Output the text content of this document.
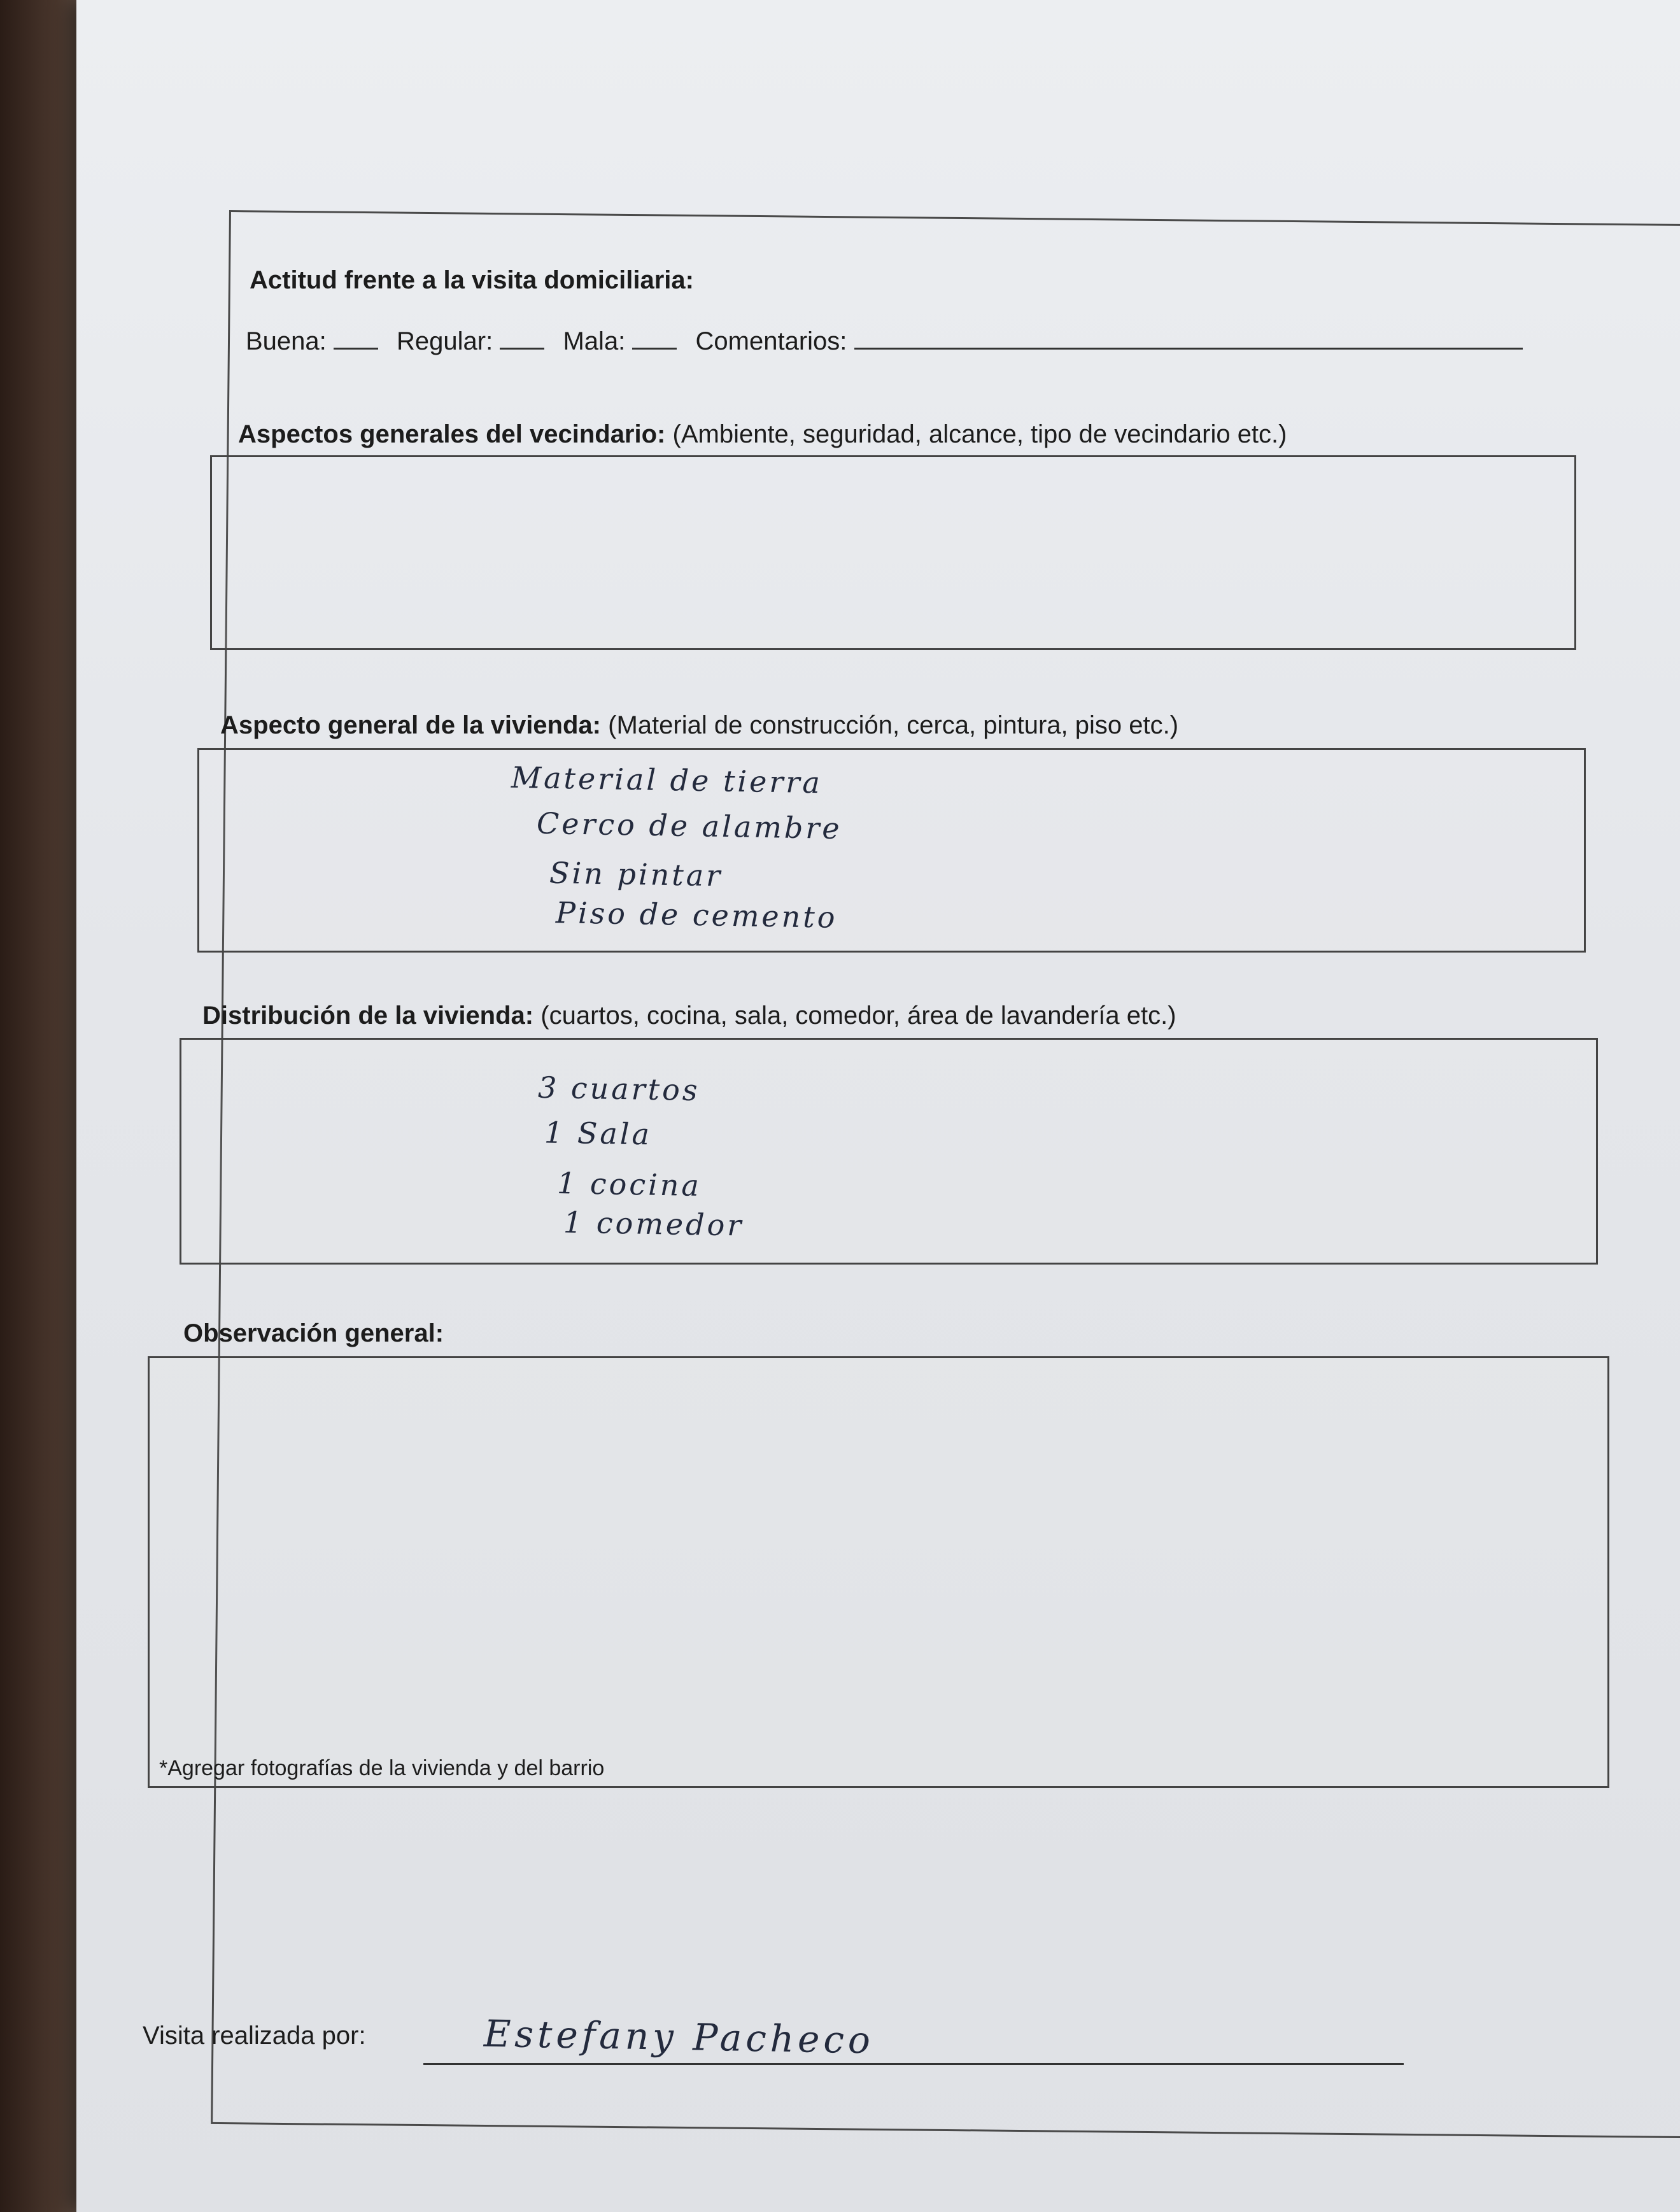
Actitud frente a la visita domiciliaria:
Buena:	Regular:	Mala:	Comentarios:
Aspectos generales del vecindario: (Ambiente, seguridad, alcance, tipo de vecindario etc.)
Aspecto general de la vivienda: (Material de construcción, cerca, pintura, piso etc.)
Material de tierra
Cerco de alambre
Sin pintar
Piso de cemento
Distribución de la vivienda: (cuartos, cocina, sala, comedor, área de lavandería etc.)
3 cuartos
1 Sala
1 cocina
1 comedor
Observación general:
*Agregar fotografías de la vivienda y del barrio
Visita realizada por:	Estefany Pacheco
